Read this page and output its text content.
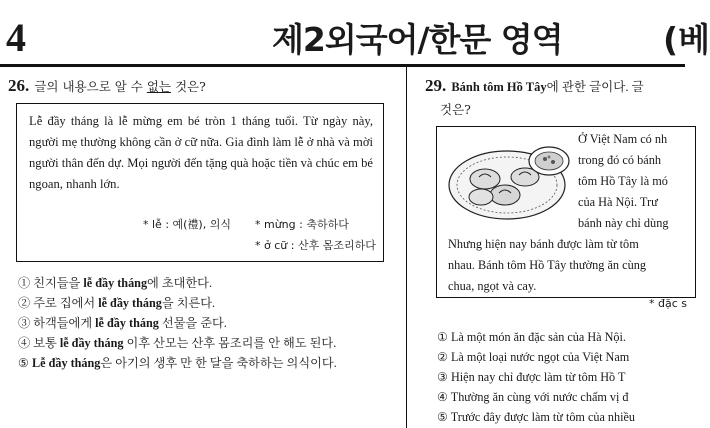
4	제2외국어/한문 영역	(베
26. 글의 내용으로 알 수 없는 것은?
Lễ đầy tháng là lễ mừng em bé tròn 1 tháng tuổi. Từ ngày này, người mẹ thường không cần ở cữ nữa. Gia đình làm lễ ở nhà và mời người thân đến dự. Mọi người đến tặng quà hoặc tiền và chúc em bé ngoan, nhanh lớn.
* lễ : 예(禮), 의식 * mừng : 축하하다
* ở cữ : 산후 몸조리하다
① 친지들을 lễ đầy tháng에 초대한다.
② 주로 집에서 lễ đầy tháng을 치른다.
③ 하객들에게 lễ đầy tháng 선물을 준다.
④ 보통 lễ đầy tháng 이후 산모는 산후 몸조리를 안 해도 된다.
⑤ Lễ đầy tháng은 아기의 생후 만 한 달을 축하하는 의식이다.
29. Bánh tôm Hồ Tây에 관한 글이다. 글
것은?
Ở Việt Nam có nh
trong đó có bánh
tôm Hồ Tây là mó
của Hà Nội. Trư
bánh này chỉ dùng
Nhưng hiện nay bánh được làm từ tôm
nhau. Bánh tôm Hồ Tây thường ăn cùng
chua, ngọt và cay.
* đặc s
① Là một món ăn đặc sản của Hà Nội.
② Là một loại nước ngọt của Việt Nam
③ Hiện nay chỉ được làm từ tôm Hồ T
④ Thường ăn cùng với nước chấm vị đ
⑤ Trước đây được làm từ tôm của nhiều
